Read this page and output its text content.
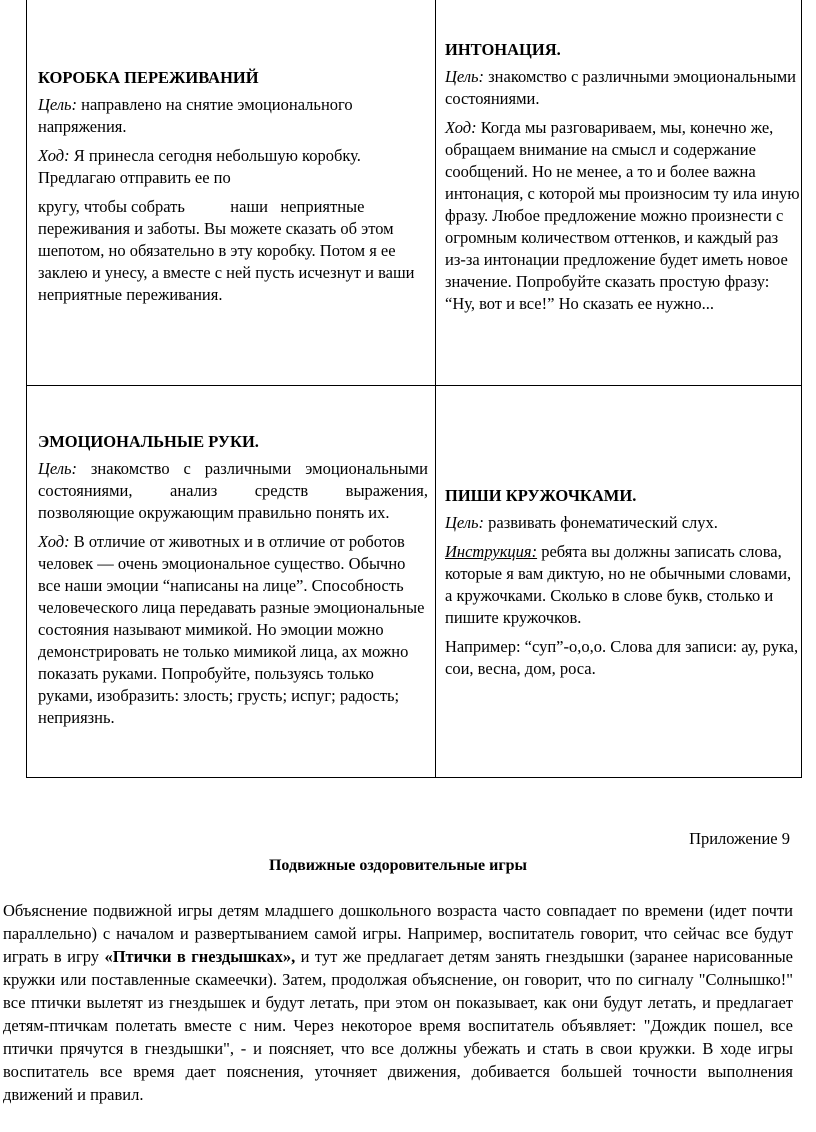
КОРОБКА ПЕРЕЖИВАНИЙ

Цель: направлено на снятие эмоционального напряжения.

Ход: Я принесла сегодня небольшую коробку. Предлагаю отправить ее по

кругу, чтобы собрать           наши   неприятные переживания и заботы. Вы можете сказать об этом шепотом, но обязательно в эту коробку. Потом я ее заклею и унесу, а вместе с ней пусть исчезнут и ваши неприятные переживания.

ИНТОНАЦИЯ.

Цель: знакомство с различными эмоциональными состояниями.

Ход: Когда мы разговариваем, мы, конечно же, обращаем внимание на смысл и содержание сообщений. Но не менее, а то и более важна интонация, с которой мы произносим ту ила иную фразу. Любое предложение можно произнести с огромным количеством оттенков, и каждый раз из-за интонации предложение будет иметь новое значение. Попробуйте сказать простую фразу: “Ну, вот и все!” Но сказать ее нужно...

ЭМОЦИОНАЛЬНЫЕ РУКИ.

Цель: знакомство с различными эмоциональными состояниями, анализ средств выражения, позволяющие окружающим правильно понять их.

Ход: В отличие от животных и в отличие от роботов человек — очень эмоциональное существо. Обычно все наши эмоции “написаны на лице”. Способность человеческого лица передавать разные эмоциональные состояния называют мимикой. Но эмоции можно демонстрировать не только мимикой лица, ах можно показать руками. Попробуйте, пользуясь только руками, изобразить: злость; грусть; испуг; радость; неприязнь.

ПИШИ КРУЖОЧКАМИ.

Цель: развивать фонематический слух.

Инструкция: ребята вы должны записать слова, которые я вам диктую, но не обычными словами, а кружочками. Сколько в слове букв, столько и пишите кружочков.

Например: “суп”-о,о,о. Слова для записи: ау, рука, сои, весна, дом, роса.

Приложение 9
Подвижные оздоровительные игры

Объяснение подвижной игры детям младшего дошкольного возраста часто совпадает по времени (идет почти параллельно) с началом и развертыванием самой игры. Например, воспитатель говорит, что сейчас все будут играть в игру «Птички в гнездышках», и тут же предлагает детям занять гнездышки (заранее нарисованные кружки или поставленные скамеечки). Затем, продолжая объяснение, он говорит, что по сигналу "Солнышко!" все птички вылетят из гнездышек и будут летать, при этом он показывает, как они будут летать, и предлагает детям-птичкам полетать вместе с ним. Через некоторое время воспитатель объявляет: "Дождик пошел, все птички прячутся в гнездышки", - и поясняет, что все должны убежать и стать в свои кружки. В ходе игры воспитатель все время дает пояснения, уточняет движения, добивается большей точности выполнения движений и правил.
